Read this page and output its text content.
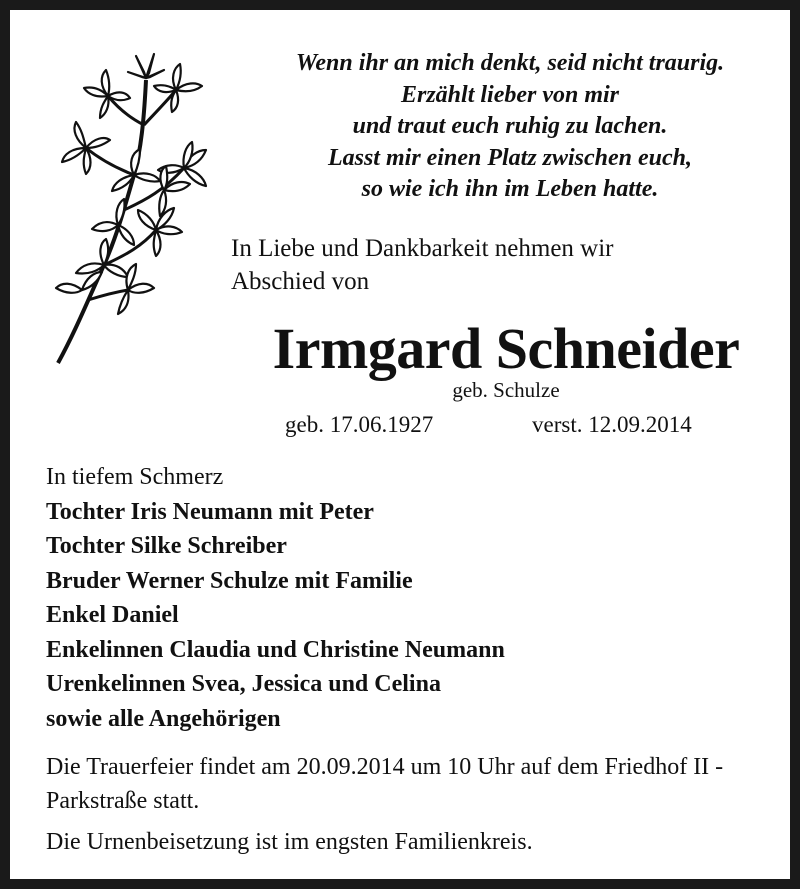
Wenn ihr an mich denkt, seid nicht traurig.
Erzählt lieber von mir
und traut euch ruhig zu lachen.
Lasst mir einen Platz zwischen euch,
so wie ich ihn im Leben hatte.
In Liebe und Dankbarkeit nehmen wir
Abschied von
Irmgard Schneider
geb. Schulze
geb. 17.06.1927	verst. 12.09.2014
In tiefem Schmerz
Tochter Iris Neumann mit Peter
Tochter Silke Schreiber
Bruder Werner Schulze mit Familie
Enkel Daniel
Enkelinnen Claudia und Christine Neumann
Urenkelinnen Svea, Jessica und Celina
sowie alle Angehörigen

Die Trauerfeier findet am 20.09.2014 um 10 Uhr auf dem Friedhof II - Parkstraße statt.

Die Urnenbeisetzung ist im engsten Familienkreis.
